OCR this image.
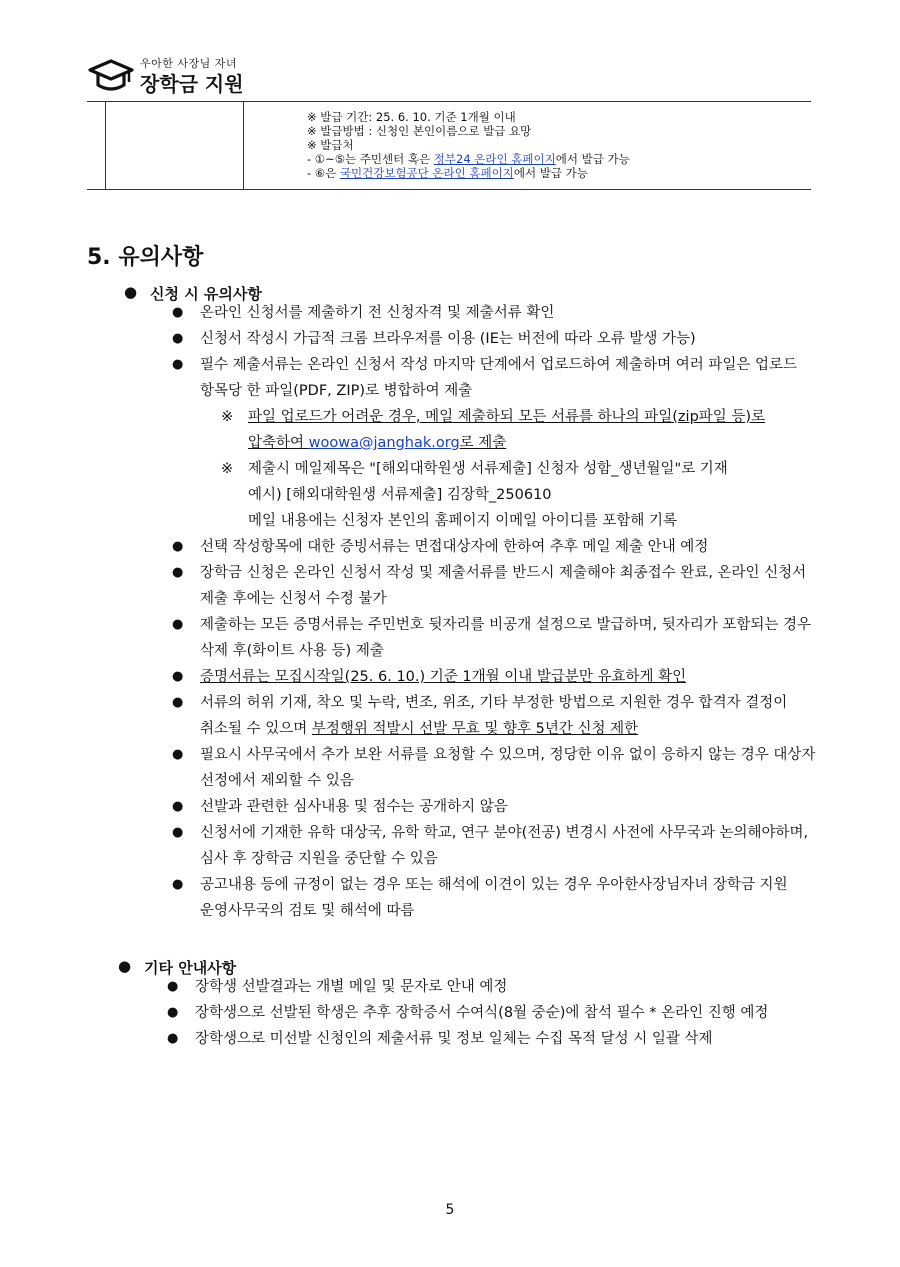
우아한 사장님 자녀
장학금 지원
※ 발급 기간: 25. 6. 10. 기준 1개월 이내
※ 발급방법 : 신청인 본인이름으로 발급 요망
※ 발급처
- ①~⑤는 주민센터 혹은 정부24 온라인 홈페이지에서 발급 가능
- ⑥은 국민건강보험공단 온라인 홈페이지에서 발급 가능
5. 유의사항
● 신청 시 유의사항
● 온라인 신청서를 제출하기 전 신청자격 및 제출서류 확인
● 신청서 작성시 가급적 크롬 브라우저를 이용 (IE는 버전에 따라 오류 발생 가능)
● 필수 제출서류는 온라인 신청서 작성 마지막 단계에서 업로드하여 제출하며 여러 파일은 업로드
항목당 한 파일(PDF, ZIP)로 병합하여 제출
※ 파일 업로드가 어려운 경우, 메일 제출하되 모든 서류를 하나의 파일(zip파일 등)로
압축하여 woowa@janghak.org로 제출
※ 제출시 메일제목은 "[해외대학원생 서류제출] 신청자 성함_생년월일"로 기재
예시) [해외대학원생 서류제출] 김장학_250610
메일 내용에는 신청자 본인의 홈페이지 이메일 아이디를 포함해 기록
● 선택 작성항목에 대한 증빙서류는 면접대상자에 한하여 추후 메일 제출 안내 예정
● 장학금 신청은 온라인 신청서 작성 및 제출서류를 반드시 제출해야 최종접수 완료, 온라인 신청서
제출 후에는 신청서 수정 불가
● 제출하는 모든 증명서류는 주민번호 뒷자리를 비공개 설정으로 발급하며, 뒷자리가 포함되는 경우
삭제 후(화이트 사용 등) 제출
● 증명서류는 모집시작일(25. 6. 10.) 기준 1개월 이내 발급분만 유효하게 확인
● 서류의 허위 기재, 착오 및 누락, 변조, 위조, 기타 부정한 방법으로 지원한 경우 합격자 결정이
취소될 수 있으며 부정행위 적발시 선발 무효 및 향후 5년간 신청 제한
● 필요시 사무국에서 추가 보완 서류를 요청할 수 있으며, 정당한 이유 없이 응하지 않는 경우 대상자
선정에서 제외할 수 있음
● 선발과 관련한 심사내용 및 점수는 공개하지 않음
● 신청서에 기재한 유학 대상국, 유학 학교, 연구 분야(전공) 변경시 사전에 사무국과 논의해야하며,
심사 후 장학금 지원을 중단할 수 있음
● 공고내용 등에 규정이 없는 경우 또는 해석에 이견이 있는 경우 우아한사장님자녀 장학금 지원
운영사무국의 검토 및 해석에 따름
● 기타 안내사항
● 장학생 선발결과는 개별 메일 및 문자로 안내 예정
● 장학생으로 선발된 학생은 추후 장학증서 수여식(8월 중순)에 참석 필수 * 온라인 진행 예정
● 장학생으로 미선발 신청인의 제출서류 및 정보 일체는 수집 목적 달성 시 일괄 삭제
5
